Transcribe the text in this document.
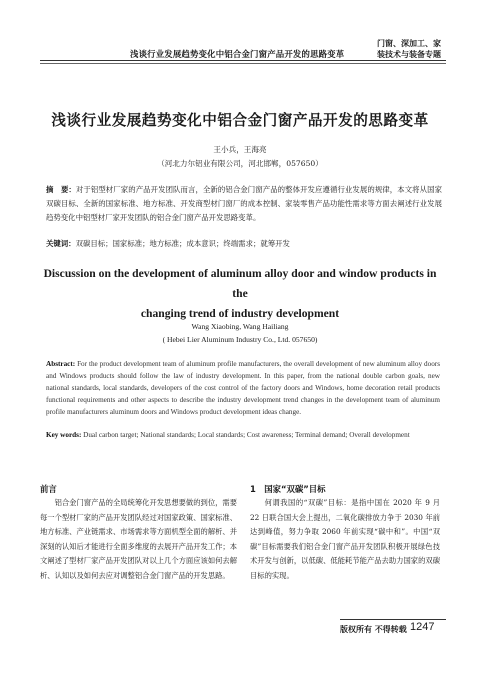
浅谈行业发展趋势变化中铝合金门窗产品开发的思路变革
门窗、深加工、家
装技术与装备专题
浅谈行业发展趋势变化中铝合金门窗产品开发的思路变革
王小兵，王海亮
（河北力尔铝业有限公司，河北邯郸，057650）
摘　要：对于铝型材厂家的产品开发团队而言，全新的铝合金门窗产品的整体开发应遵循行业发展的规律，本文将从国家双碳目标、全新的国家标准、地方标准、开发商型材门窗厂的成本控制、家装零售产品功能性需求等方面去阐述行业发展趋势变化中铝型材厂家开发团队的铝合金门窗产品开发思路变革。
关键词：双碳目标；国家标准；地方标准；成本意识；终端需求；就筹开发
Discussion on the development of aluminum alloy door and window products in the
changing trend of industry development
Wang Xiaobing, Wang Hailiang
( Hebei Lier Aluminum Industry Co., Ltd. 057650)
Abstract: For the product development team of aluminum profile manufacturers, the overall development of new aluminum alloy doors and Windows products should follow the law of industry development. In this paper, from the national double carbon goals, new national standards, local standards, developers of the cost control of the factory doors and Windows, home decoration retail products functional requirements and other aspects to describe the industry development trend changes in the development team of aluminum profile manufacturers aluminum doors and Windows product development ideas change.
Key words: Dual carbon target; National standards; Local standards; Cost awareness; Terminal demand; Overall development
前言
铝合金门窗产品的全局统筹化开发思想要做的到位，需要每一个型材厂家的产品开发团队经过对国家政策、国家标准、地方标准、产业链需求、市场需求等方面机型全面的解析、并深刻的认知后才能进行全面多维度的去展开产品开发工作；本文阐述了型材厂家产品开发团队对以上几个方面应该如何去解析、认知以及如何去应对调整铝合金门窗产品的开发思路。
1　国家“双碳”目标
何谓我国的“双碳”目标：是指中国在 2020 年 9 月 22 日联合国大会上提出，二氧化碳排放力争于 2030 年前达到峰值，努力争取 2060 年前实现“碳中和”。中国“双碳”目标需要我们铝合金门窗产品开发团队积极开展绿色技术开发与创新，以低碳、低能耗节能产品去助力国家的双碳目标的实现。
版权所有 不得转载 1247
